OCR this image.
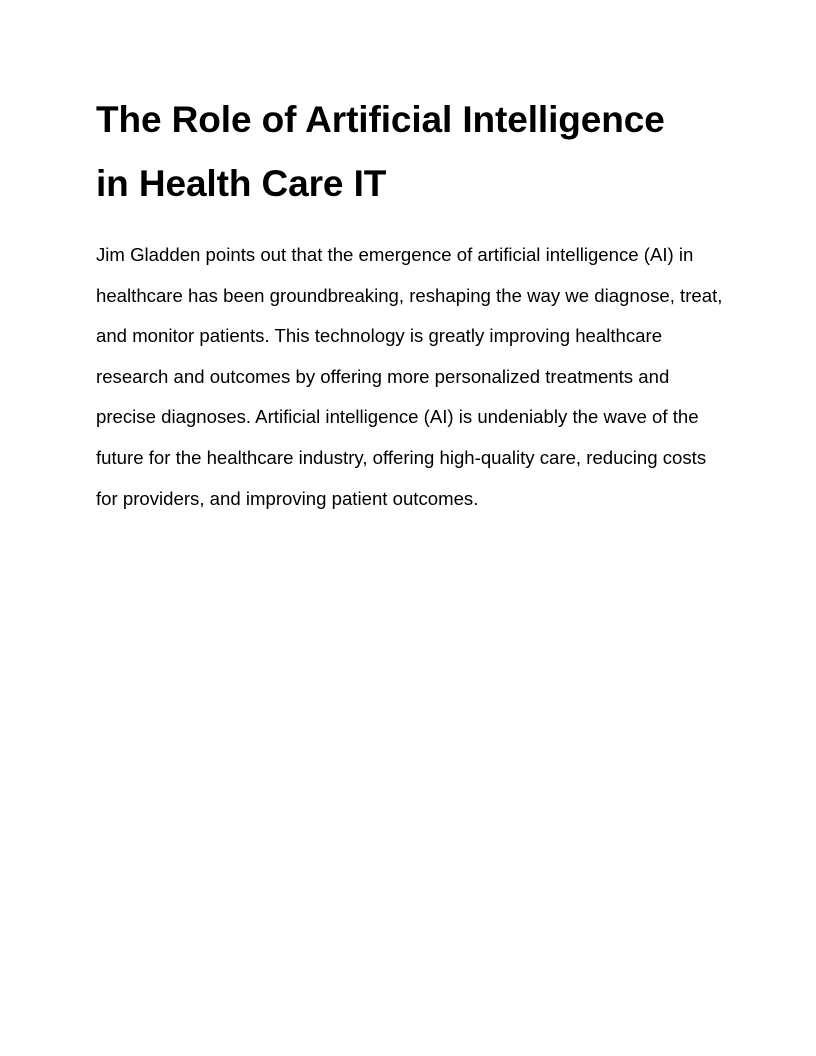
The Role of Artificial Intelligence
in Health Care IT

Jim Gladden points out that the emergence of artificial intelligence (AI) in healthcare has been groundbreaking, reshaping the way we diagnose, treat, and monitor patients. This technology is greatly improving healthcare research and outcomes by offering more personalized treatments and precise diagnoses. Artificial intelligence (AI) is undeniably the wave of the future for the healthcare industry, offering high-quality care, reducing costs for providers, and improving patient outcomes.
